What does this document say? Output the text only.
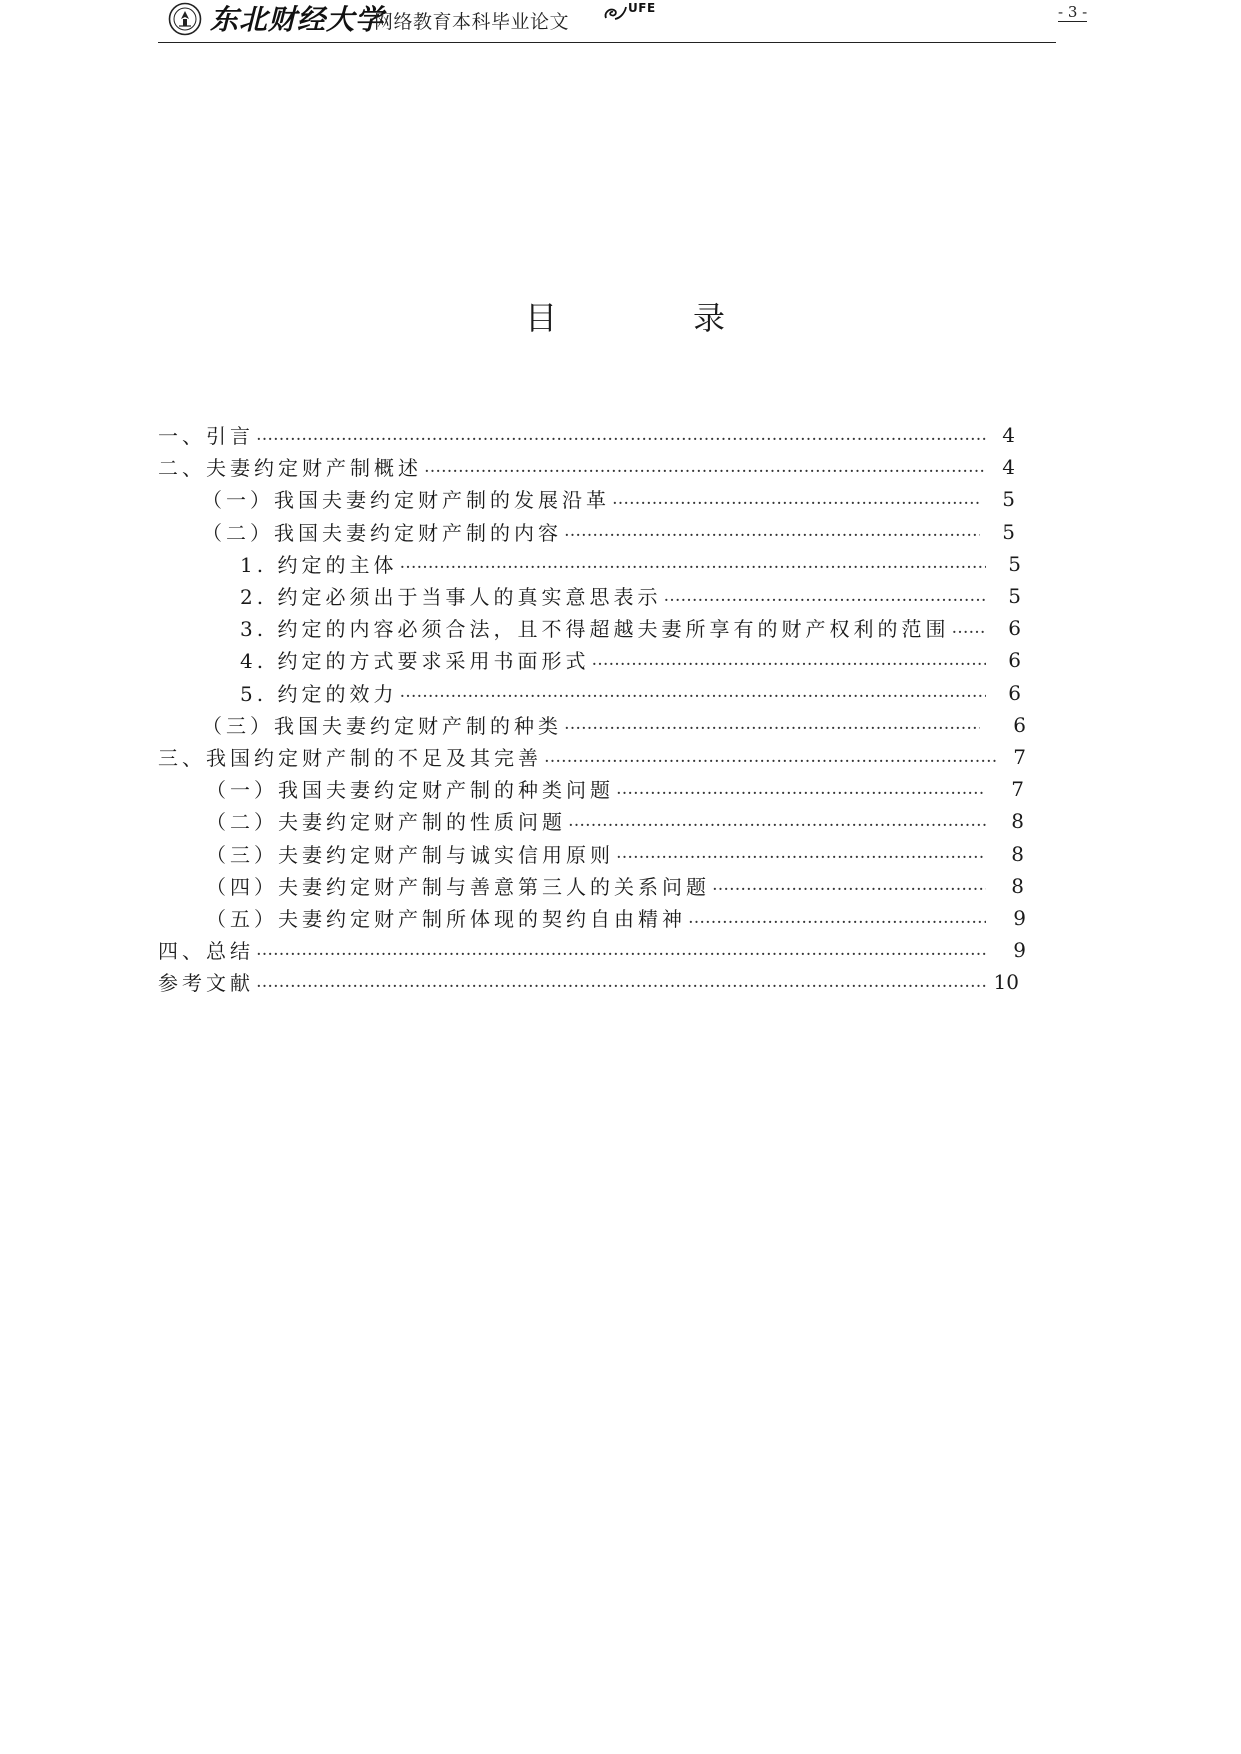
东北财经大学
网络教育本科毕业论文
UFE	- 3 -
目	录
一、引言 …………………………………………………………………………………………………………………………………………………………………………………	4
二、夫妻约定财产制概述 …………………………………………………………………………………………………………………………………………………………………………………	4
（一）我国夫妻约定财产制的发展沿革 …………………………………………………………………………………………………………………………………………………………………………………	5
（二）我国夫妻约定财产制的内容 …………………………………………………………………………………………………………………………………………………………………………………	5
1. 约定的主体 …………………………………………………………………………………………………………………………………………………………………………………	5
2. 约定必须出于当事人的真实意思表示 …………………………………………………………………………………………………………………………………………………………………………………	5
3. 约定的内容必须合法，且不得超越夫妻所享有的财产权利的范围 …………………………………………………………………………………………………………………………………………………………………………………	6
4. 约定的方式要求采用书面形式 …………………………………………………………………………………………………………………………………………………………………………………	6
5. 约定的效力 …………………………………………………………………………………………………………………………………………………………………………………	6
（三）我国夫妻约定财产制的种类 …………………………………………………………………………………………………………………………………………………………………………………	6
三、我国约定财产制的不足及其完善 …………………………………………………………………………………………………………………………………………………………………………………	7
（一）我国夫妻约定财产制的种类问题 …………………………………………………………………………………………………………………………………………………………………………………	7
（二）夫妻约定财产制的性质问题 …………………………………………………………………………………………………………………………………………………………………………………	8
（三）夫妻约定财产制与诚实信用原则 …………………………………………………………………………………………………………………………………………………………………………………	8
（四）夫妻约定财产制与善意第三人的关系问题 …………………………………………………………………………………………………………………………………………………………………………………	8
（五）夫妻约定财产制所体现的契约自由精神 …………………………………………………………………………………………………………………………………………………………………………………	9
四、总结 …………………………………………………………………………………………………………………………………………………………………………………	9
参考文献 …………………………………………………………………………………………………………………………………………………………………………………	10
